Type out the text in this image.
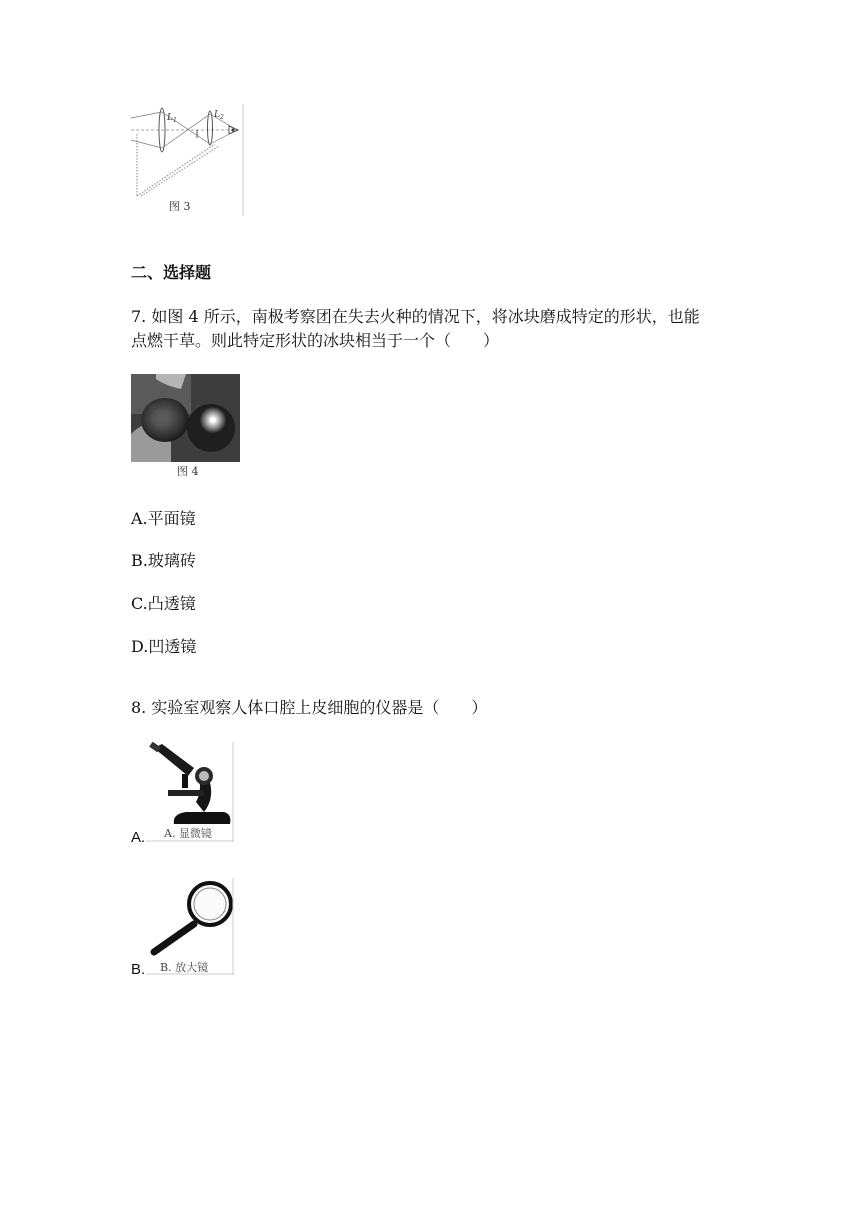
$L_1$
$L_2$
图 3
二、选择题
7. 如图 4 所示，南极考察团在失去火种的情况下，将冰块磨成特定的形状，也能
点燃干草。则此特定形状的冰块相当于一个（　　）
图 4
A.平面镜
B.玻璃砖
C.凸透镜
D.凹透镜
8. 实验室观察人体口腔上皮细胞的仪器是（　　）
A. A. 显微镜
B. B. 放大镜
